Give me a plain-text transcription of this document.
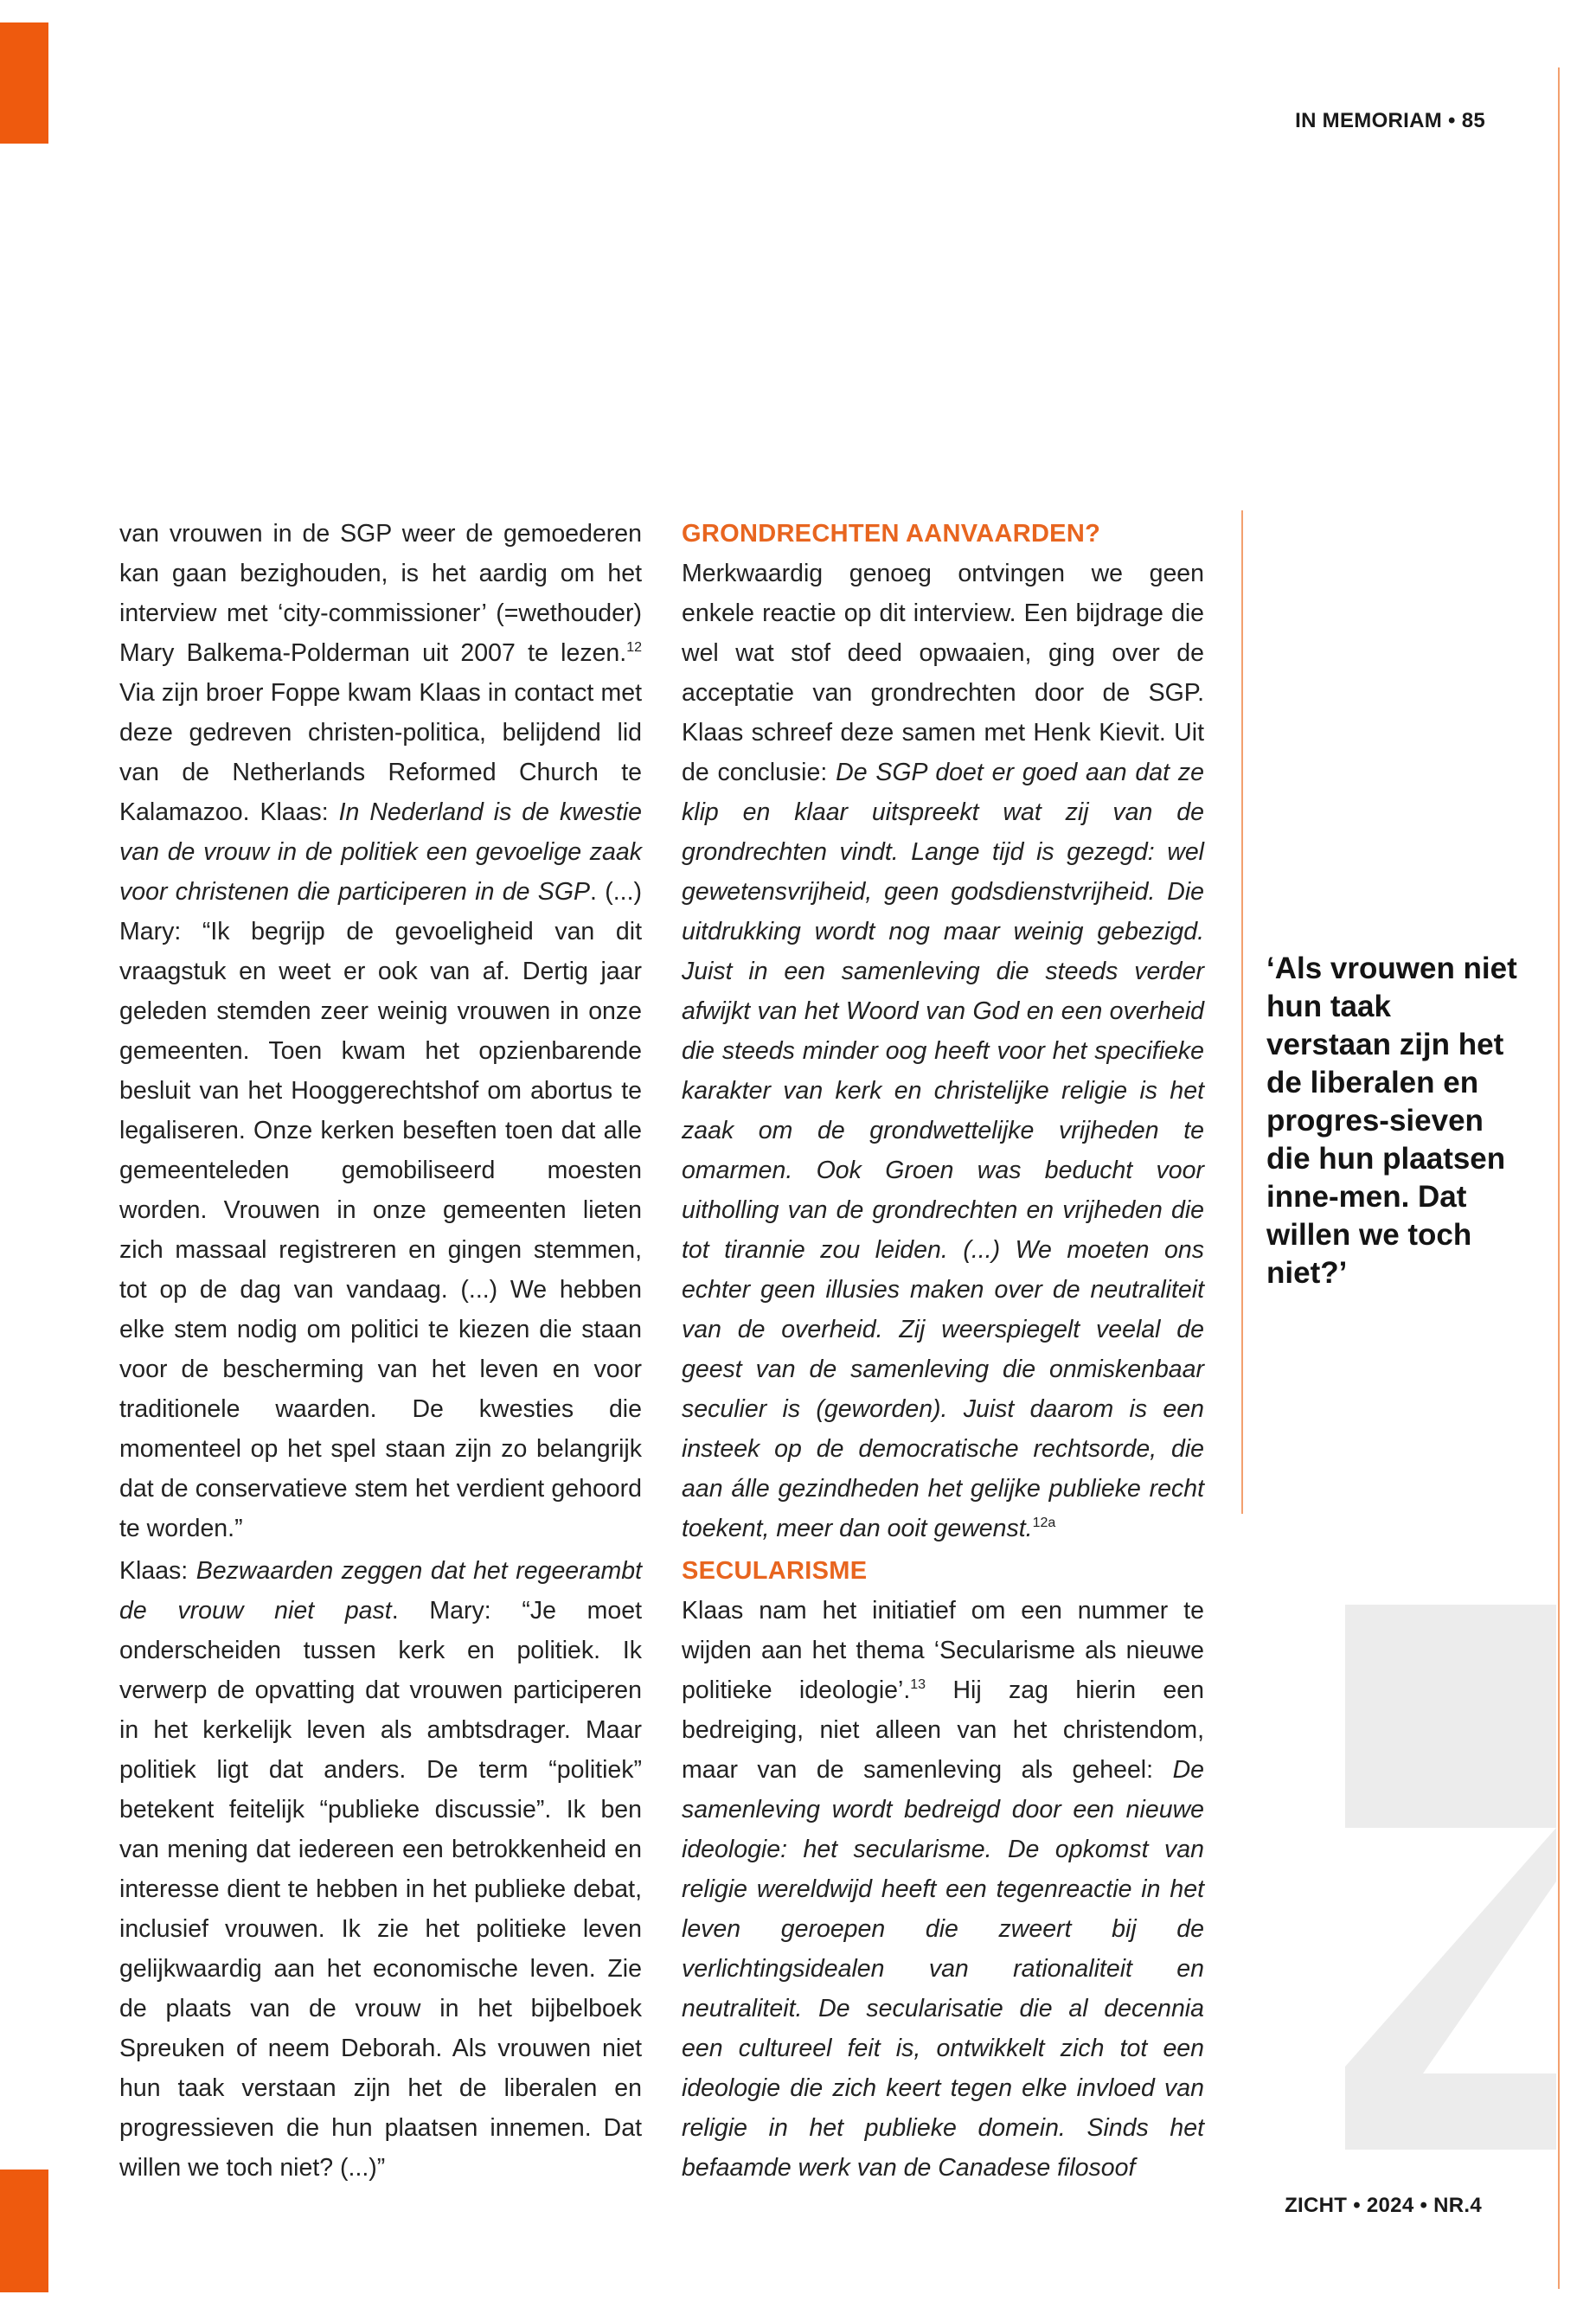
IN MEMORIAM • 85

van vrouwen in de SGP weer de gemoederen kan gaan bezighouden, is het aardig om het interview met ‘city-commissioner’ (=wethouder) Mary Balkema-Polderman uit 2007 te lezen.$^{12}$ Via zijn broer Foppe kwam Klaas in contact met deze gedreven christen-politica, belijdend lid van de Netherlands Reformed Church te Kalamazoo. Klaas: In Nederland is de kwestie van de vrouw in de politiek een gevoelige zaak voor christenen die participeren in de SGP. (...) Mary: “Ik begrijp de gevoeligheid van dit vraagstuk en weet er ook van af. Dertig jaar geleden stemden zeer weinig vrouwen in onze gemeenten. Toen kwam het opzienbarende besluit van het Hooggerechtshof om abortus te legaliseren. Onze kerken beseften toen dat alle gemeenteleden gemobiliseerd moesten worden. Vrouwen in onze gemeenten lieten zich massaal registreren en gingen stemmen, tot op de dag van vandaag. (...) We hebben elke stem nodig om politici te kiezen die staan voor de bescherming van het leven en voor traditionele waarden. De kwesties die momenteel op het spel staan zijn zo belangrijk dat de conservatieve stem het verdient gehoord te worden.”

Klaas: Bezwaarden zeggen dat het regeerambt de vrouw niet past. Mary: “Je moet onderscheiden tussen kerk en politiek. Ik verwerp de opvatting dat vrouwen participeren in het kerkelijk leven als ambtsdrager. Maar politiek ligt dat anders. De term “politiek” betekent feitelijk “publieke discussie”. Ik ben van mening dat iedereen een betrokkenheid en interesse dient te hebben in het publieke debat, inclusief vrouwen. Ik zie het politieke leven gelijkwaardig aan het economische leven. Zie de plaats van de vrouw in het bijbelboek Spreuken of neem Deborah. Als vrouwen niet hun taak verstaan zijn het de liberalen en progressieven die hun plaatsen innemen. Dat willen we toch niet? (...)”

GRONDRECHTEN AANVAARDEN?

Merkwaardig genoeg ontvingen we geen enkele reactie op dit interview. Een bijdrage die wel wat stof deed opwaaien, ging over de acceptatie van grondrechten door de SGP. Klaas schreef deze samen met Henk Kievit. Uit de conclusie: De SGP doet er goed aan dat ze klip en klaar uitspreekt wat zij van de grondrechten vindt. Lange tijd is gezegd: wel gewetensvrijheid, geen godsdienstvrijheid. Die uitdrukking wordt nog maar weinig gebezigd. Juist in een samenleving die steeds verder afwijkt van het Woord van God en een overheid die steeds minder oog heeft voor het specifieke karakter van kerk en christelijke religie is het zaak om de grondwettelijke vrijheden te omarmen. Ook Groen was beducht voor uitholling van de grondrechten en vrijheden die tot tirannie zou leiden. (...) We moeten ons echter geen illusies maken over de neutraliteit van de overheid. Zij weerspiegelt veelal de geest van de samenleving die onmiskenbaar seculier is (geworden). Juist daarom is een insteek op de democratische rechtsorde, die aan álle gezindheden het gelijke publieke recht toekent, meer dan ooit gewenst.$^{12a}$

SECULARISME

Klaas nam het initiatief om een nummer te wijden aan het thema ‘Secularisme als nieuwe politieke ideologie’.$^{13}$ Hij zag hierin een bedreiging, niet alleen van het christendom, maar van de samenleving als geheel: De samenleving wordt bedreigd door een nieuwe ideologie: het secularisme. De opkomst van religie wereldwijd heeft een tegenreactie in het leven geroepen die zweert bij de verlichtingsidealen van rationaliteit en neutraliteit. De secularisatie die al decennia een cultureel feit is, ontwikkelt zich tot een ideologie die zich keert tegen elke invloed van religie in het publieke domein. Sinds het befaamde werk van de Canadese filosoof

‘Als vrouwen niet hun taak verstaan zijn het de liberalen en progres-sieven die hun plaatsen inne-men. Dat willen we toch niet?’
ZICHT • 2024 • NR.4
